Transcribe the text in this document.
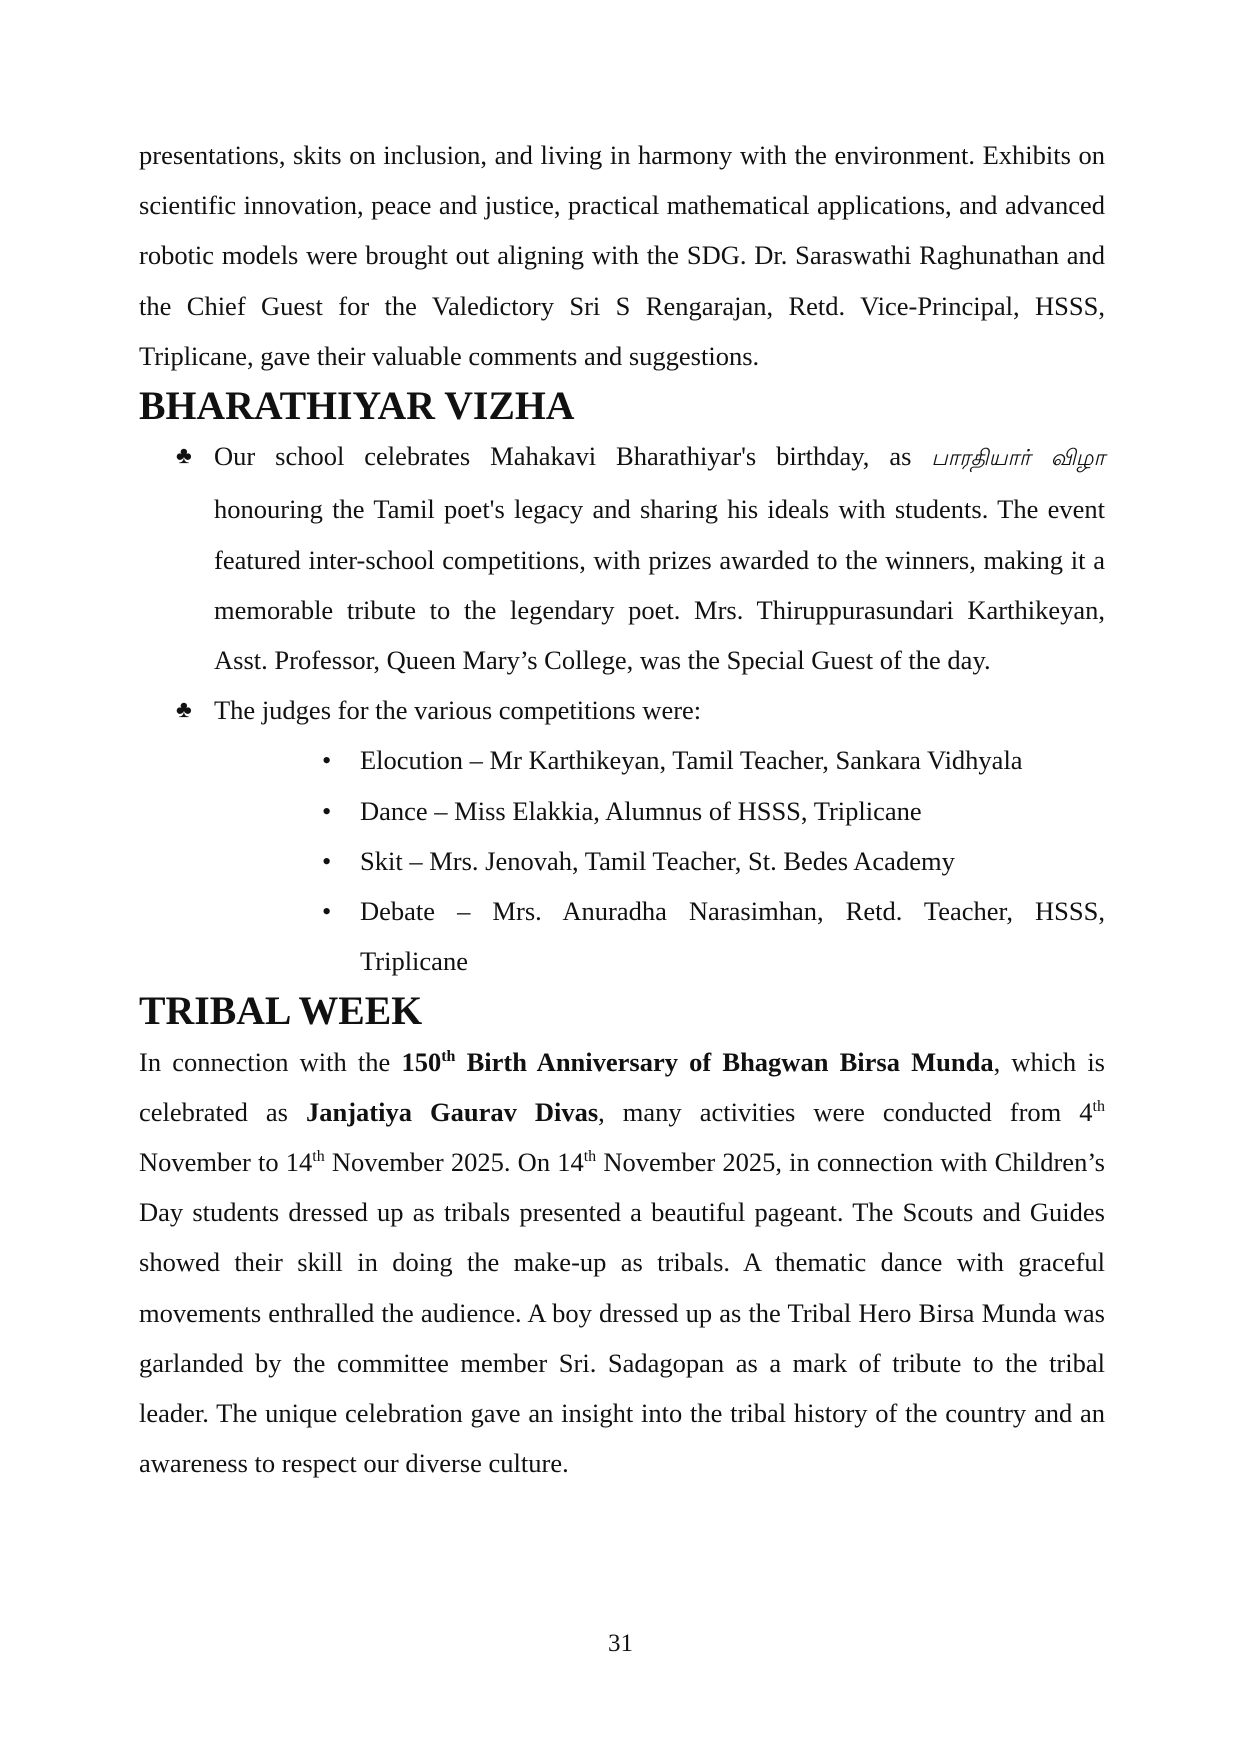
presentations, skits on inclusion, and living in harmony with the environment. Exhibits on scientific innovation, peace and justice, practical mathematical applications, and advanced robotic models were brought out aligning with the SDG. Dr. Saraswathi Raghunathan and the Chief Guest for the Valedictory Sri S Rengarajan, Retd. Vice-Principal, HSSS, Triplicane, gave their valuable comments and suggestions.

BHARATHIYAR VIZHA
♣ Our school celebrates Mahakavi Bharathiyar's birthday, as பாரதியார் விழா honouring the Tamil poet's legacy and sharing his ideals with students. The event featured inter-school competitions, with prizes awarded to the winners, making it a memorable tribute to the legendary poet. Mrs. Thiruppurasundari Karthikeyan, Asst. Professor, Queen Mary’s College, was the Special Guest of the day.
♣ The judges for the various competitions were:
• Elocution – Mr Karthikeyan, Tamil Teacher, Sankara Vidhyala
• Dance – Miss Elakkia, Alumnus of HSSS, Triplicane
• Skit – Mrs. Jenovah, Tamil Teacher, St. Bedes Academy
• Debate – Mrs. Anuradha Narasimhan, Retd. Teacher, HSSS, Triplicane
TRIBAL WEEK

In connection with the 150th Birth Anniversary of Bhagwan Birsa Munda, which is celebrated as Janjatiya Gaurav Divas, many activities were conducted from 4th November to 14th November 2025. On 14th November 2025, in connection with Children’s Day students dressed up as tribals presented a beautiful pageant. The Scouts and Guides showed their skill in doing the make-up as tribals. A thematic dance with graceful movements enthralled the audience. A boy dressed up as the Tribal Hero Birsa Munda was garlanded by the committee member Sri. Sadagopan as a mark of tribute to the tribal leader. The unique celebration gave an insight into the tribal history of the country and an awareness to respect our diverse culture.

31
